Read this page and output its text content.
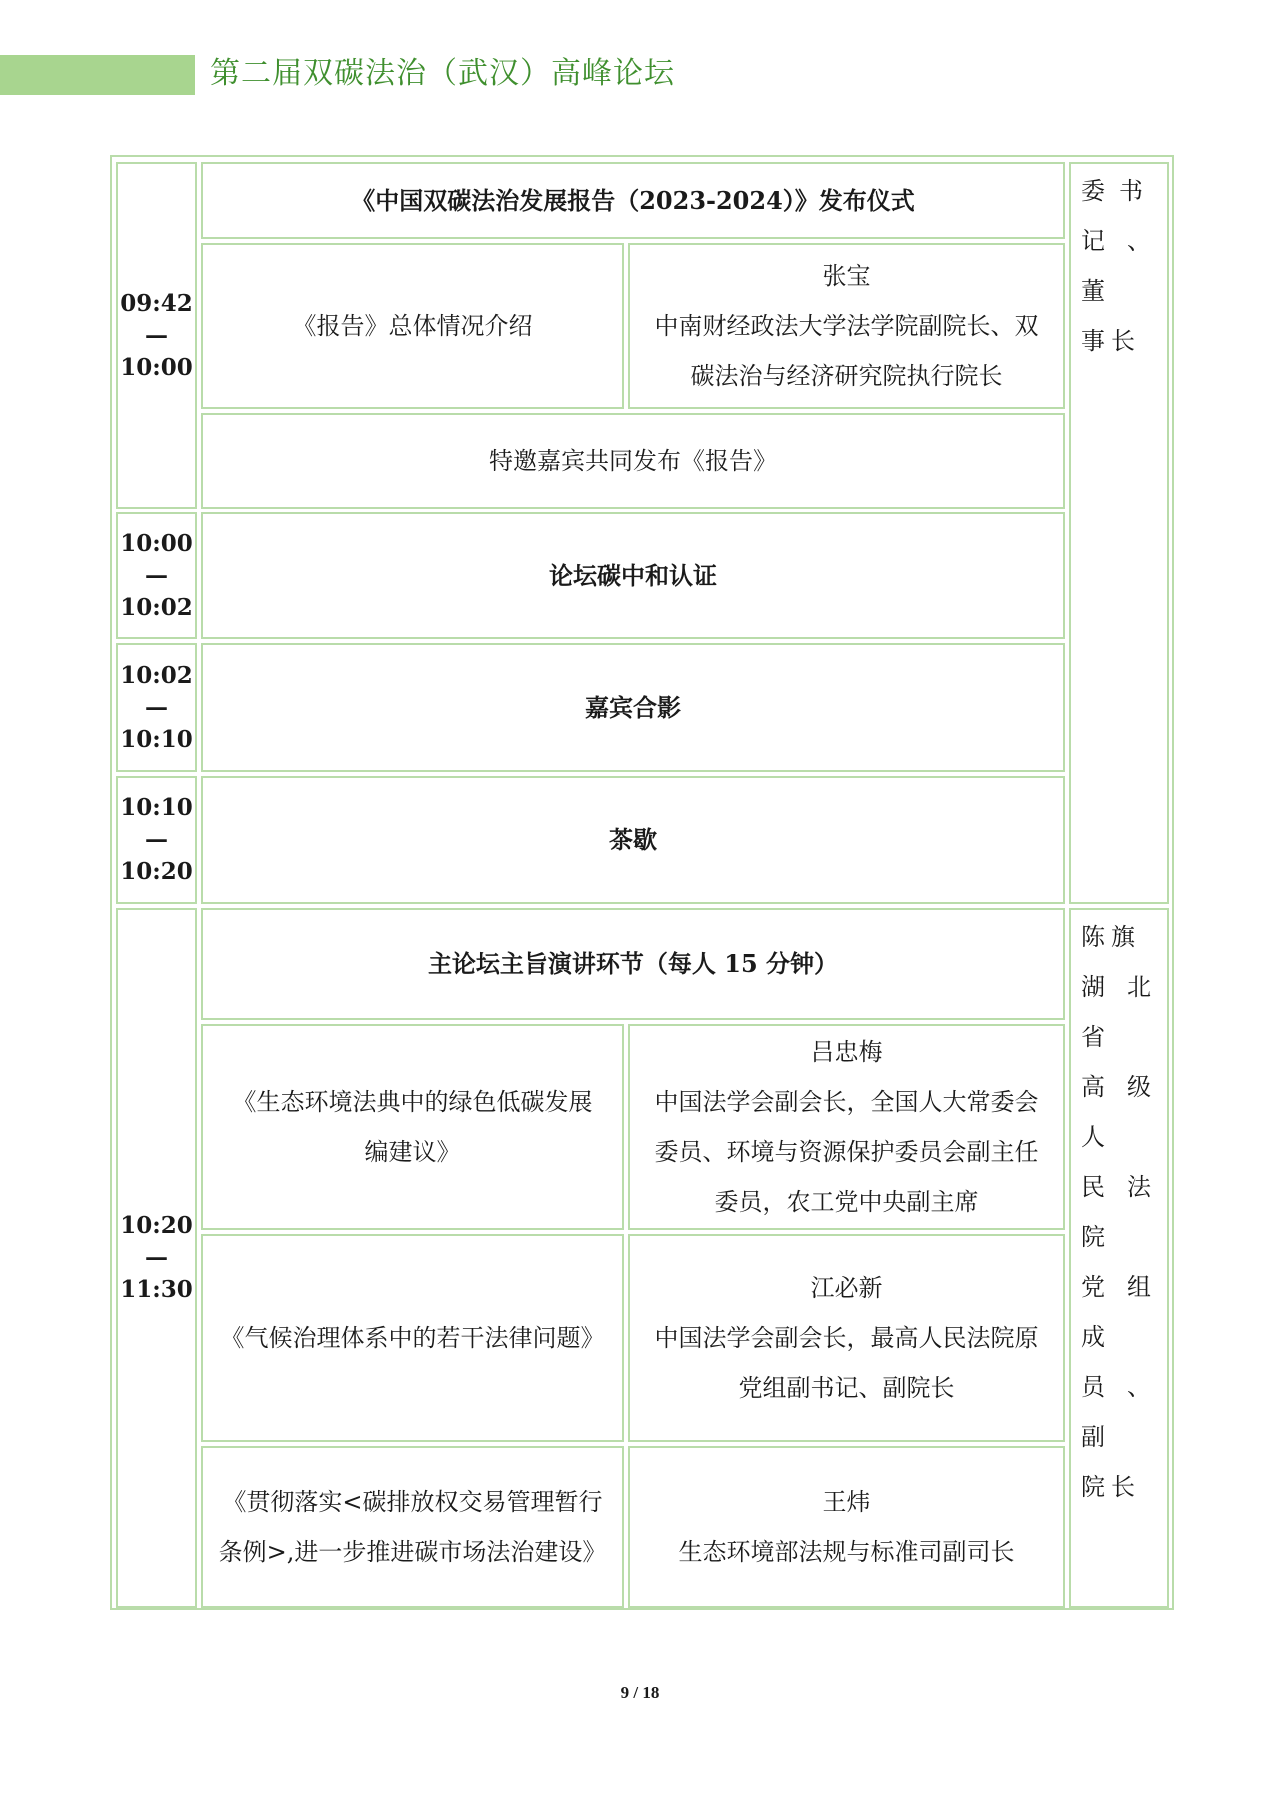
第二届双碳法治（武汉）高峰论坛
09:42
—
10:00
10:00
—
10:02
10:02
—
10:10
10:10
—
10:20
10:20
—
11:30
《中国双碳法治发展报告（2023-2024）》发布仪式
《报告》总体情况介绍
张宝
中南财经政法大学法学院副院长、双
碳法治与经济研究院执行院长
特邀嘉宾共同发布《报告》
论坛碳中和认证
嘉宾合影
茶歇
委书
记、董
事长
主论坛主旨演讲环节（每人 15 分钟）
《生态环境法典中的绿色低碳发展
编建议》
吕忠梅
中国法学会副会长，全国人大常委会
委员、环境与资源保护委员会副主任
委员，农工党中央副主席
《气候治理体系中的若干法律问题》
江必新
中国法学会副会长，最高人民法院原
党组副书记、副院长
《贯彻落实<碳排放权交易管理暂行
条例>,进一步推进碳市场法治建设》
王炜
生态环境部法规与标准司副司长
陈旗
湖北省
高级人
民法院
党组成
员、副
院长
9 / 18
